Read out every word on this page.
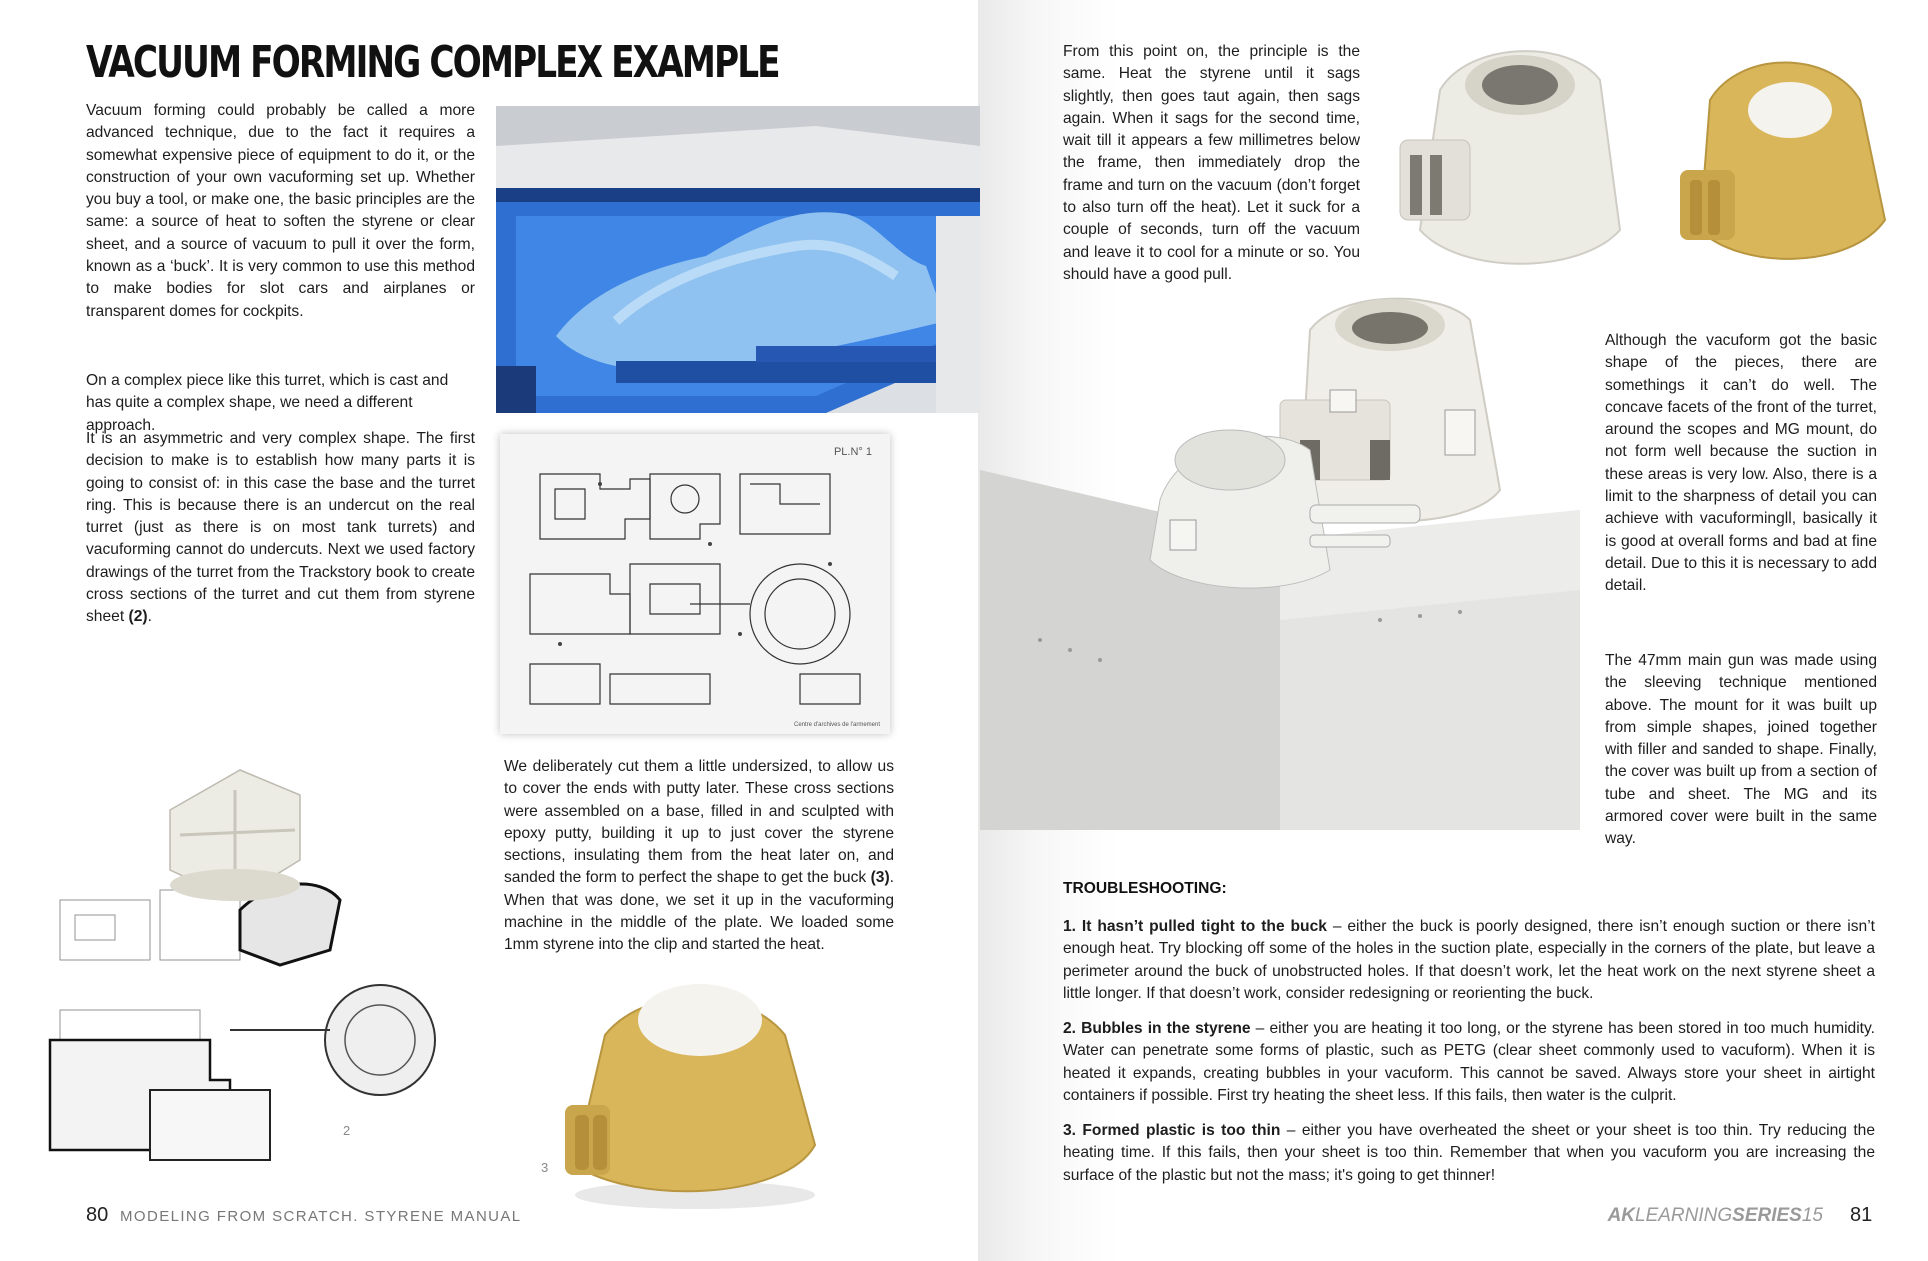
VACUUM FORMING COMPLEX EXAMPLE

Vacuum forming could probably be called a more advanced technique, due to the fact it requires a somewhat expensive piece of equipment to do it, or the construction of your own vacuforming set up. Whether you buy a tool, or make one, the basic principles are the same: a source of heat to soften the styrene or clear sheet, and a source of vacuum to pull it over the form, known as a ‘buck’. It is very common to use this method to make bodies for slot cars and airplanes or transparent domes for cockpits.

On a complex piece like this turret, which is cast and has quite a complex shape, we need a different approach.

It is an asymmetric and very complex shape. The first decision to make is to establish how many parts it is going to consist of: in this case the base and the turret ring. This is because there is an undercut on the real turret (just as there is on most tank turrets) and vacuforming cannot do undercuts. Next we used factory drawings of the turret from the Trackstory book to create cross sections of the turret and cut them from styrene sheet (2).

PL.N° 1
Centre d'archives de l'armement

We deliberately cut them a little undersized, to allow us to cover the ends with putty later. These cross sections were assembled on a base, filled in and sculpted with epoxy putty, building it up to just cover the styrene sections, insulating them from the heat later on, and sanded the form to perfect the shape to get the buck (3). When that was done, we set it up in the vacuforming machine in the middle of the plate. We loaded some 1mm styrene into the clip and started the heat.

2
3

From this point on, the principle is the same. Heat the styrene until it sags slightly, then goes taut again, then sags again. When it sags for the second time, wait till it appears a few millimetres below the frame, then immediately drop the frame and turn on the vacuum (don’t forget to also turn off the heat). Let it suck for a couple of seconds, turn off the vacuum and leave it to cool for a minute or so. You should have a good pull.

Although the vacuform got the basic shape of the pieces, there are somethings it can’t do well. The concave facets of the front of the turret, around the scopes and MG mount, do not form well because the suction in these areas is very low. Also, there is a limit to the sharpness of detail you can achieve with vacuformingll, basically it is good at overall forms and bad at fine detail. Due to this it is necessary to add detail.

The 47mm main gun was made using the sleeving technique mentioned above. The mount for it was built up from simple shapes, joined together with filler and sanded to shape. Finally, the cover was built up from a section of tube and sheet. The MG and its armored cover were built in the same way.

TROUBLESHOOTING:

1. It hasn’t pulled tight to the buck – either the buck is poorly designed, there isn’t enough suction or there isn’t enough heat. Try blocking off some of the holes in the suction plate, especially in the corners of the plate, but leave a perimeter around the buck of unobstructed holes. If that doesn’t work, let the heat work on the next styrene sheet a little longer. If that doesn’t work, consider redesigning or reorienting the buck.

2. Bubbles in the styrene – either you are heating it too long, or the styrene has been stored in too much humidity. Water can penetrate some forms of plastic, such as PETG (clear sheet commonly used to vacuform). When it is heated it expands, creating bubbles in your vacuform. This cannot be saved. Always store your sheet in airtight containers if possible. First try heating the sheet less. If this fails, then water is the culprit.

3. Formed plastic is too thin – either you have overheated the sheet or your sheet is too thin. Try reducing the heating time. If this fails, then your sheet is too thin. Remember that when you vacuform you are increasing the surface of the plastic but not the mass; it's going to get thinner!

80 MODELING FROM SCRATCH. STYRENE MANUAL	AKLEARNINGSERIES15 81
